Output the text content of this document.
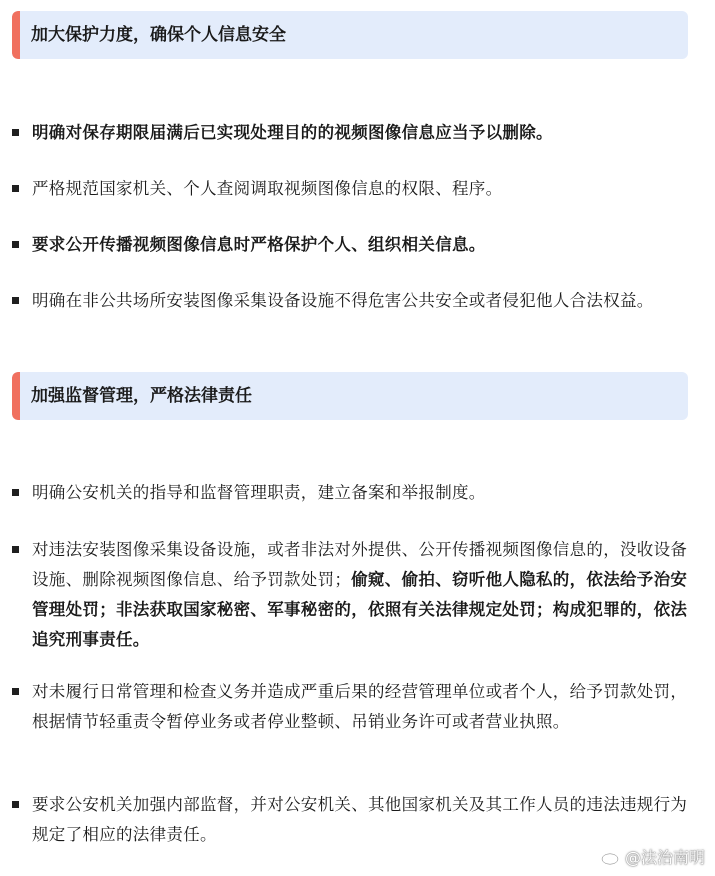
加大保护力度，确保个人信息安全
明确对保存期限届满后已实现处理目的的视频图像信息应当予以删除。
严格规范国家机关、个人查阅调取视频图像信息的权限、程序。
要求公开传播视频图像信息时严格保护个人、组织相关信息。
明确在非公共场所安装图像采集设备设施不得危害公共安全或者侵犯他人合法权益。
加强监督管理，严格法律责任
明确公安机关的指导和监督管理职责，建立备案和举报制度。
对违法安装图像采集设备设施，或者非法对外提供、公开传播视频图像信息的，没收设备设施、删除视频图像信息、给予罚款处罚；偷窥、偷拍、窃听他人隐私的，依法给予治安管理处罚；非法获取国家秘密、军事秘密的，依照有关法律规定处罚；构成犯罪的，依法追究刑事责任。
对未履行日常管理和检查义务并造成严重后果的经营管理单位或者个人，给予罚款处罚，根据情节轻重责令暂停业务或者停业整顿、吊销业务许可或者营业执照。
要求公安机关加强内部监督，并对公安机关、其他国家机关及其工作人员的违法违规行为规定了相应的法律责任。
@法治南明
